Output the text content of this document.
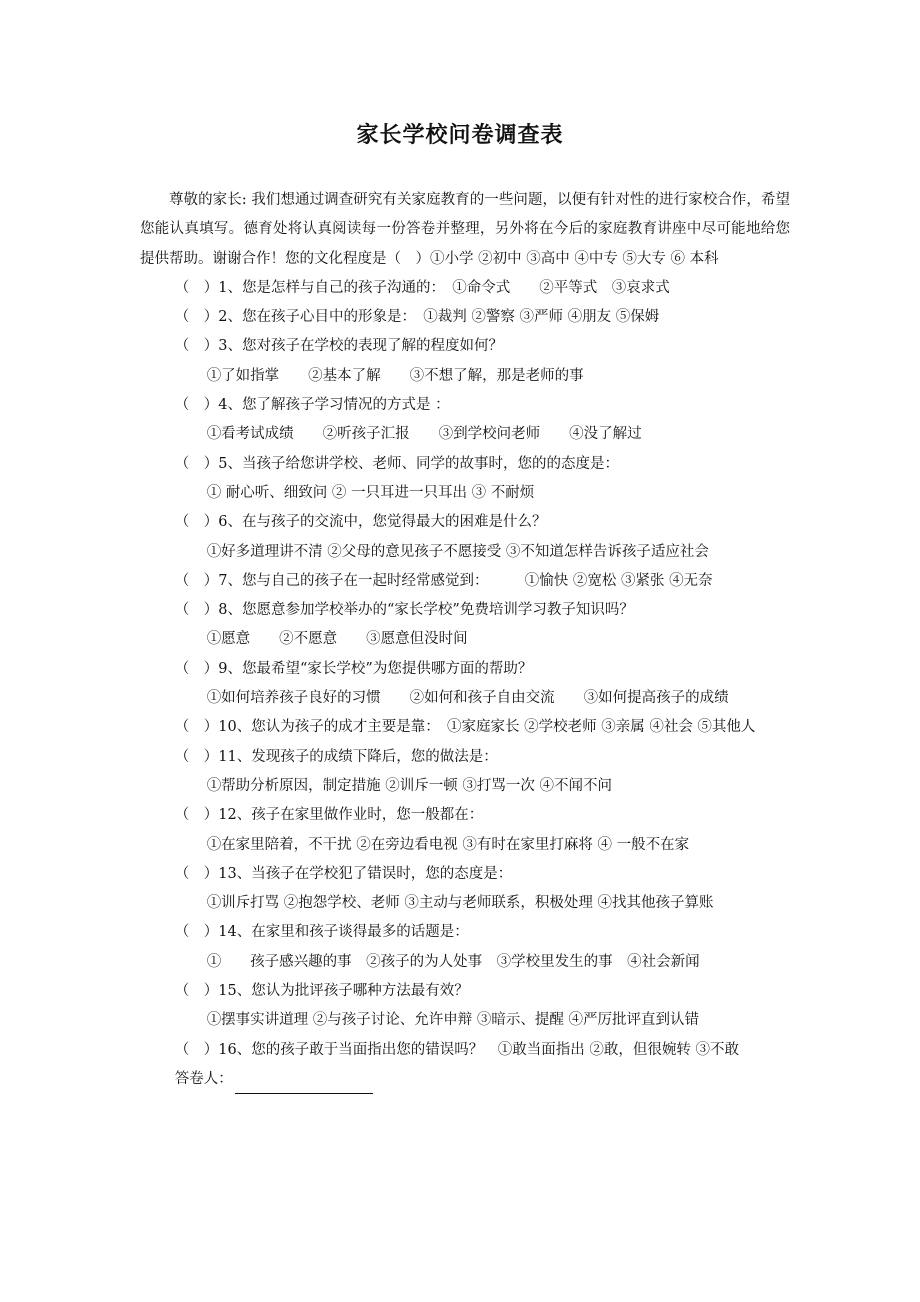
家长学校问卷调查表

尊敬的家长: 我们想通过调查研究有关家庭教育的一些问题，以便有针对性的进行家校合作，希望您能认真填写。德育处将认真阅读每一份答卷并整理，另外将在今后的家庭教育讲座中尽可能地给您提供帮助。谢谢合作！您的文化程度是（　）①小学 ②初中 ③高中 ④中专 ⑤大专 ⑥ 本科

（　）1、您是怎样与自己的孩子沟通的：　①命令式　　②平等式　③哀求式

（　）2、您在孩子心目中的形象是：　①裁判 ②警察 ③严师 ④朋友 ⑤保姆

（　）3、您对孩子在学校的表现了解的程度如何？

①了如指掌　　②基本了解　　③不想了解，那是老师的事

（　）4、您了解孩子学习情况的方式是 ：

①看考试成绩　　②听孩子汇报　　③到学校问老师　　④没了解过

（　）5、当孩子给您讲学校、老师、同学的故事时，您的的态度是：

① 耐心听、细致问 ② 一只耳进一只耳出 ③ 不耐烦

（　）6、在与孩子的交流中，您觉得最大的困难是什么？

①好多道理讲不清 ②父母的意见孩子不愿接受 ③不知道怎样告诉孩子适应社会

（　）7、您与自己的孩子在一起时经常感觉到：　　　①愉快 ②宽松 ③紧张 ④无奈

（　）8、您愿意参加学校举办的“家长学校”免费培训学习教子知识吗？

①愿意　　②不愿意　　③愿意但没时间

（　）9、您最希望“家长学校”为您提供哪方面的帮助？

①如何培养孩子良好的习惯　　②如何和孩子自由交流　　③如何提高孩子的成绩

（　）10、您认为孩子的成才主要是靠：　①家庭家长 ②学校老师 ③亲属 ④社会 ⑤其他人

（　）11、发现孩子的成绩下降后，您的做法是：

①帮助分析原因，制定措施 ②训斥一顿 ③打骂一次 ④不闻不问

（　）12、孩子在家里做作业时，您一般都在：

①在家里陪着，不干扰 ②在旁边看电视 ③有时在家里打麻将 ④ 一般不在家

（　）13、当孩子在学校犯了错误时，您的态度是：

①训斥打骂 ②抱怨学校、老师 ③主动与老师联系，积极处理 ④找其他孩子算账

（　）14、在家里和孩子谈得最多的话题是：

①　　孩子感兴趣的事　②孩子的为人处事　③学校里发生的事　④社会新闻

（　）15、您认为批评孩子哪种方法最有效？

①摆事实讲道理 ②与孩子讨论、允许申辩 ③暗示、提醒 ④严厉批评直到认错

（　）16、您的孩子敢于当面指出您的错误吗？　①敢当面指出 ②敢，但很婉转 ③不敢

答卷人：
